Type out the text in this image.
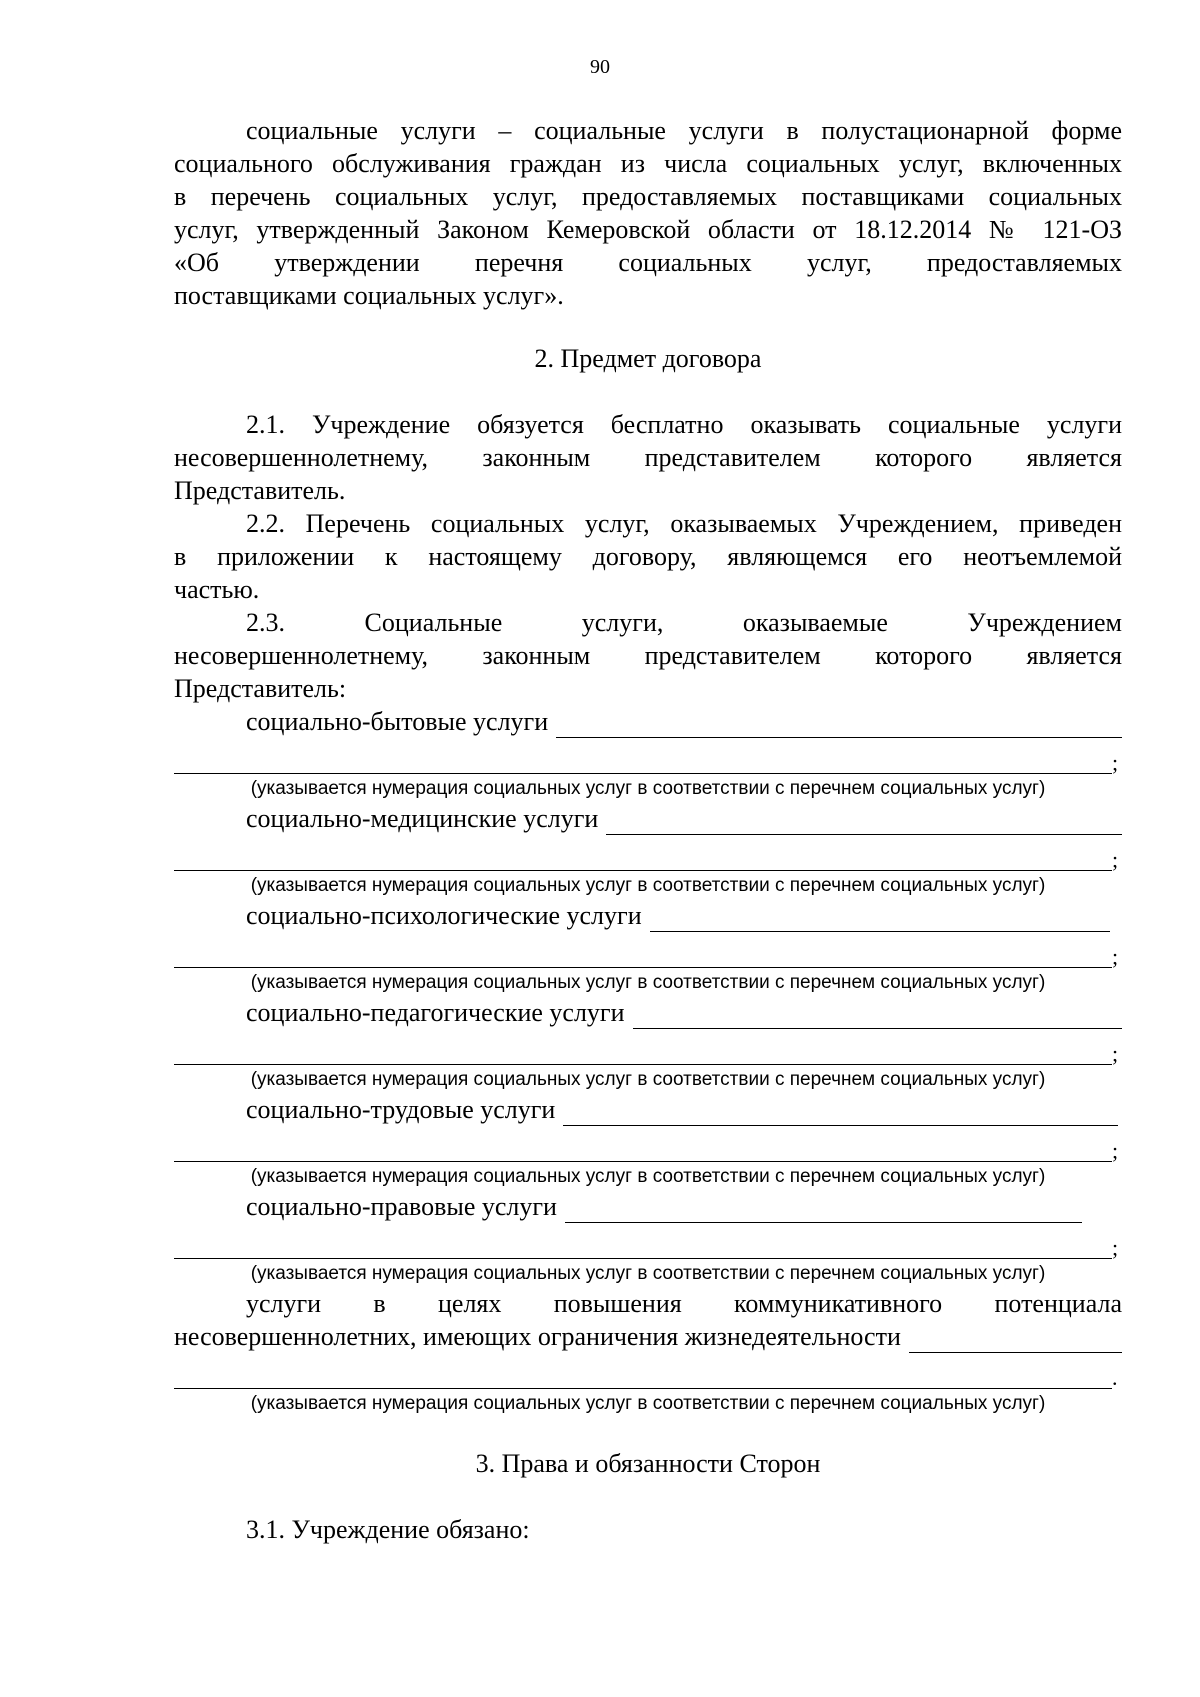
90

социальные услуги – социальные услуги в полустационарной форме

социального обслуживания граждан из числа социальных услуг, включенных

в перечень социальных услуг, предоставляемых поставщиками социальных

услуг, утвержденный Законом Кемеровской области от 18.12.2014 № 121-ОЗ

«Об утверждении перечня социальных услуг, предоставляемых

поставщиками социальных услуг».

2. Предмет договора

2.1. Учреждение обязуется бесплатно оказывать социальные услуги

несовершеннолетнему, законным представителем которого является

Представитель.

2.2. Перечень социальных услуг, оказываемых Учреждением, приведен

в приложении к настоящему договору, являющемся его неотъемлемой

частью.

2.3. Социальные услуги, оказываемые Учреждением

несовершеннолетнему, законным представителем которого является

Представитель:

социально-бытовые услуги
;

(указывается нумерация социальных услуг в соответствии с перечнем социальных услуг)

социально-медицинские услуги
;

(указывается нумерация социальных услуг в соответствии с перечнем социальных услуг)

социально-психологические услуги
;

(указывается нумерация социальных услуг в соответствии с перечнем социальных услуг)

социально-педагогические услуги
;

(указывается нумерация социальных услуг в соответствии с перечнем социальных услуг)

социально-трудовые услуги
;

(указывается нумерация социальных услуг в соответствии с перечнем социальных услуг)

социально-правовые услуги
;

(указывается нумерация социальных услуг в соответствии с перечнем социальных услуг)

услуги в целях повышения коммуникативного потенциала

несовершеннолетних, имеющих ограничения жизнедеятельности
.

(указывается нумерация социальных услуг в соответствии с перечнем социальных услуг)

3. Права и обязанности Сторон

3.1. Учреждение обязано:
